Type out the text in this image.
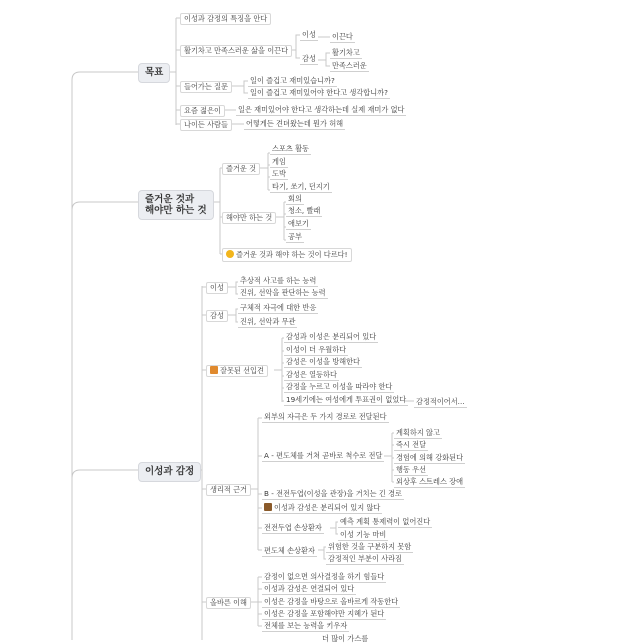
목표
즐거운 것과
해야만 하는 것
이성과 감정
이성과 감정의 특징을 안다
활기차고 만족스러운 삶을 이끈다
이성 이끈다
감성
활기차고
만족스러운
들어가는 질문
일이 즐겁고 재미있습니까?
일이 즐겁고 재미있어야 한다고 생각합니까?
요즘 젊은이	일은 재미있어야 한다고 생각하는데 실제 재미가 없다
나이든 사람들	어떻게든 견뎌왔는데 뭔가 허해
즐거운 것
스포츠 활동
게임
도박
타기, 쏘기, 던지기
해야만 하는 것
회의
청소, 빨래
애보기
공부
즐거운 것과 해야 하는 것이 다르다!
이성
추상적 사고를 하는 능력
진위, 선악을 판단하는 능력
감성
구체적 자극에 대한 반응
진위, 선악과 무관
잘못된 선입견
감성과 이성은 분리되어 있다
이성이 더 우월하다
감성은 이성을 방해한다
감성은 열등하다
감정을 누르고 이성을 따라야 한다
19세기에는 여성에게 투표권이 없었다 감정적이어서...
생리적 근거
외부의 자극은 두 가지 경로로 전달된다
A - 편도체를 거쳐 곧바로 척수로 전달
계획하지 않고
즉시 전달
경험에 의해 강화된다
행동 우선
외상후 스트레스 장애
B - 전전두엽(이성을 관장)을 거치는 긴 경로
이성과 감성은 분리되어 있지 않다
전전두엽 손상환자
예측 계획 통제력이 없어진다
이성 기능 마비
편도체 손상환자 위험한 것을 구분하지 못함
감정적인 부분이 사라짐
올바른 이해
감정이 없으면 의사결정을 하기 힘들다
이성과 감성은 연결되어 있다
이성은 감정을 바탕으로 올바르게 작동한다
이성은 감정을 포함해야만 지혜가 된다
전체를 보는 능력을 키우자
더 많이 가스를
